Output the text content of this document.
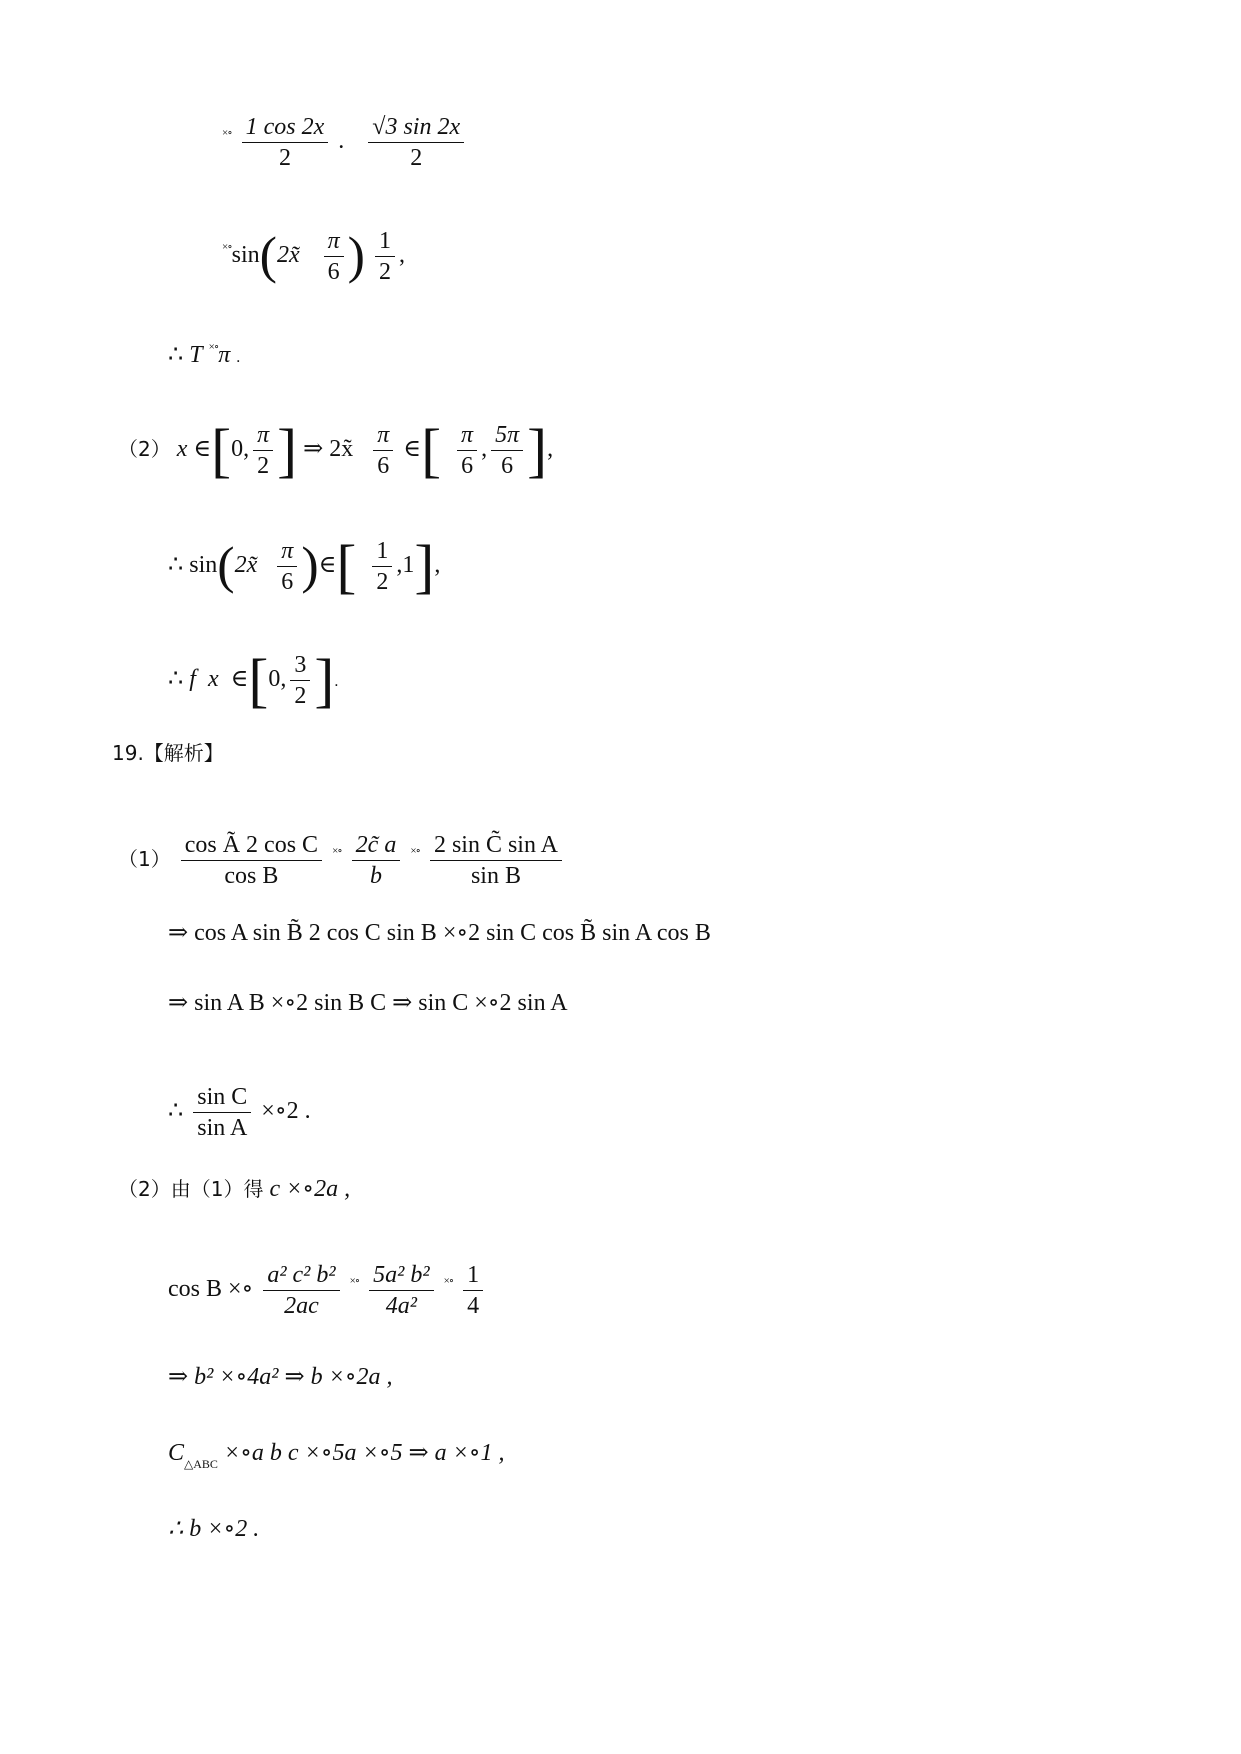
$^{\times\circ} \frac{1 \cos 2x}{2}$ . $\frac{√3 \sin 2x}{2}$
×∘sin(2x̃ $\frac{\pi}{6}$ ) $\frac{1}{2}$ ,
∴ T ×∘π .
（2） x ∈[0, $\frac{\pi}{2}$ ] ⇒ 2x̃ $\frac{\pi}{6}$ ∈[ $\frac{\pi}{6}$ , $\frac{5\pi}{6}$ ],
∴ sin(2x̃ $\frac{\pi}{6}$ )∈[ $\frac{1}{2} ,1$],
∴ f x ∈[0, $\frac{3}{2}$ ].
19.【解析】
$(1) \frac{\text{cos Ã 2 cos C}}{\text{cos B}} ^{\times\circ} \frac{2c̃ a}{b} ^{\times\circ} \frac{\text{2 sin C̃ sin A}}{\text{sin B}}$
⇒ cos A sin B̃ 2 cos C sin B ×∘2 sin C cos B̃ sin A cos B
⇒ sin A B ×∘2 sin B C ⇒ sin C ×∘2 sin A
∴ $\frac{\text{sin C}}{\text{sin A}}$ ×∘2 .
（2）由（1）得 c ×∘2a ,
cos B ×∘ $\frac{\text{a² c² b²}}{2ac} ^{\times\circ} \frac{\text{5a² b²}}{\text{4a²}} ^{\times\circ} \frac{1}{4}$
⇒ b² ×∘4a² ⇒ b ×∘2a ,
$C_{\triangle ABC}$ ×∘a b c ×∘5a ×∘5 ⇒ a ×∘1 ,
∴ b ×∘2 .
